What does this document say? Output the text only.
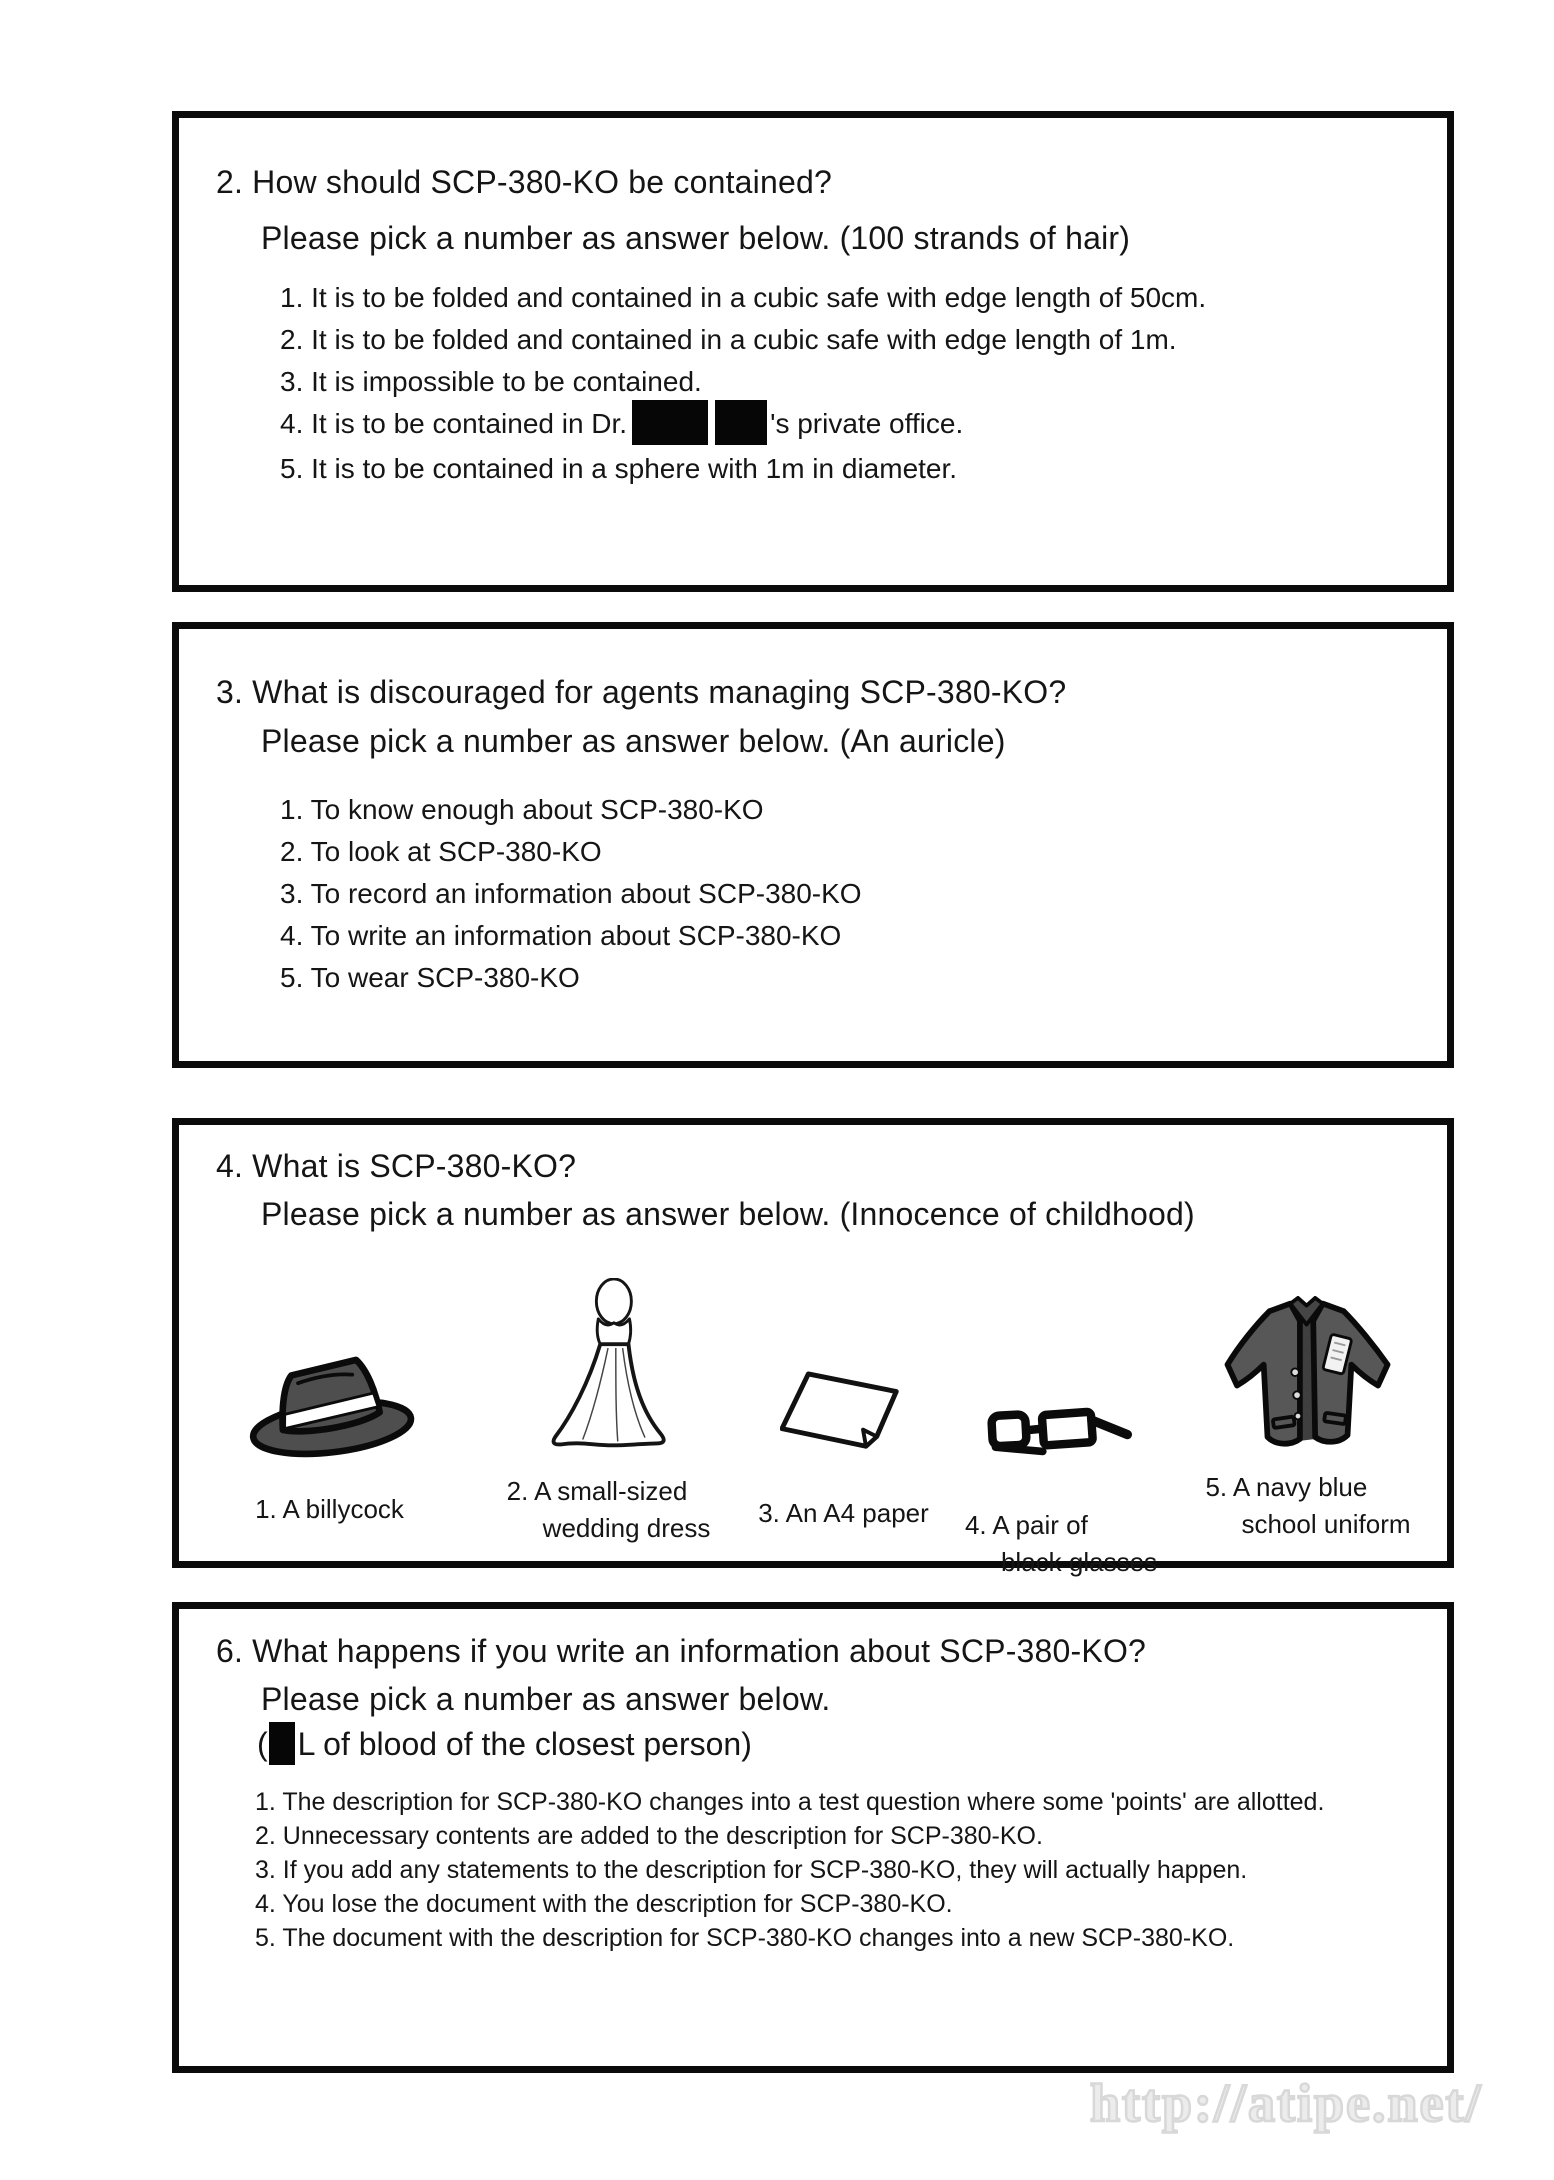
2. How should SCP-380-KO be contained?

Please pick a number as answer below. (100 strands of hair)

1. It is to be folded and contained in a cubic safe with edge length of 50cm.
2. It is to be folded and contained in a cubic safe with edge length of 1m.
3. It is impossible to be contained.
4. It is to be contained in Dr.	's private office.
5. It is to be contained in a sphere with 1m in diameter.
3. What is discouraged for agents managing SCP-380-KO?

Please pick a number as answer below. (An auricle)

1. To know enough about SCP-380-KO
2. To look at SCP-380-KO
3. To record an information about SCP-380-KO
4. To write an information about SCP-380-KO
5. To wear SCP-380-KO
4. What is SCP-380-KO?

Please pick a number as answer below. (Innocence of childhood)

1. A billycock
2. A small-sized
wedding dress 3. An A4 paper 4. A pair of
black glasses
5. A navy blue
school uniform
6. What happens if you write an information about SCP-380-KO?

Please pick a number as answer below.

( L of blood of the closest person)

1. The description for SCP-380-KO changes into a test question where some 'points' are allotted.
2. Unnecessary contents are added to the description for SCP-380-KO.
3. If you add any statements to the description for SCP-380-KO, they will actually happen.
4. You lose the document with the description for SCP-380-KO.
5. The document with the description for SCP-380-KO changes into a new SCP-380-KO.
http://atipe.net/
